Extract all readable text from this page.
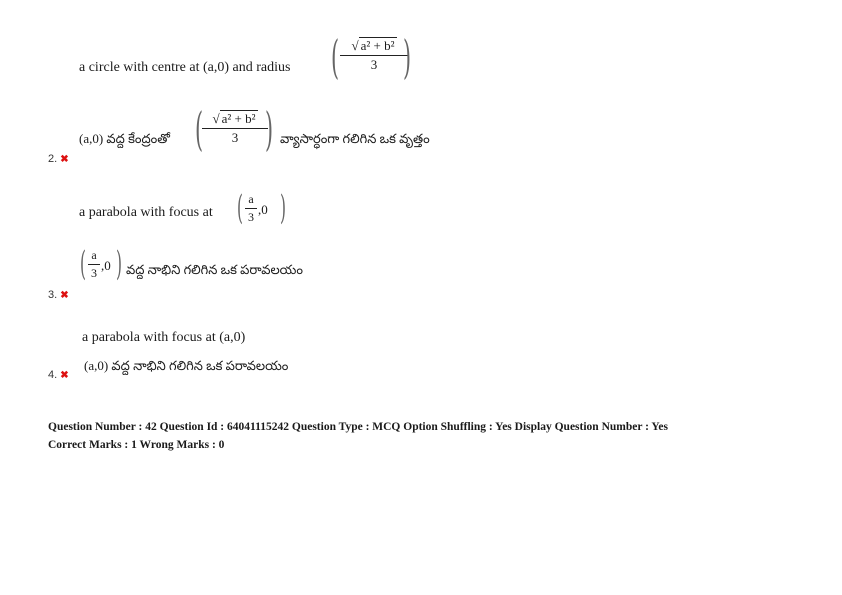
a circle with centre at (a,0) and radius ( √ a² + b²
3 )
(a,0) వద్ద కేంద్రంతో ( √ a² + b²
3 ) వ్యాసార్ధంగా గలిగిన ఒక వృత్తం
2. ✖
a parabola with focus at ( a
3 ,0 )
( a
3 ,0 ) వద్ద నాభిని గలిగిన ఒక పరావలయం
3. ✖
a parabola with focus at (a,0)
(a,0) వద్ద నాభిని గలిగిన ఒక పరావలయం
4. ✖
Question Number : 42 Question Id : 64041115242 Question Type : MCQ Option Shuffling : Yes Display Question Number : Yes
Correct Marks : 1 Wrong Marks : 0
